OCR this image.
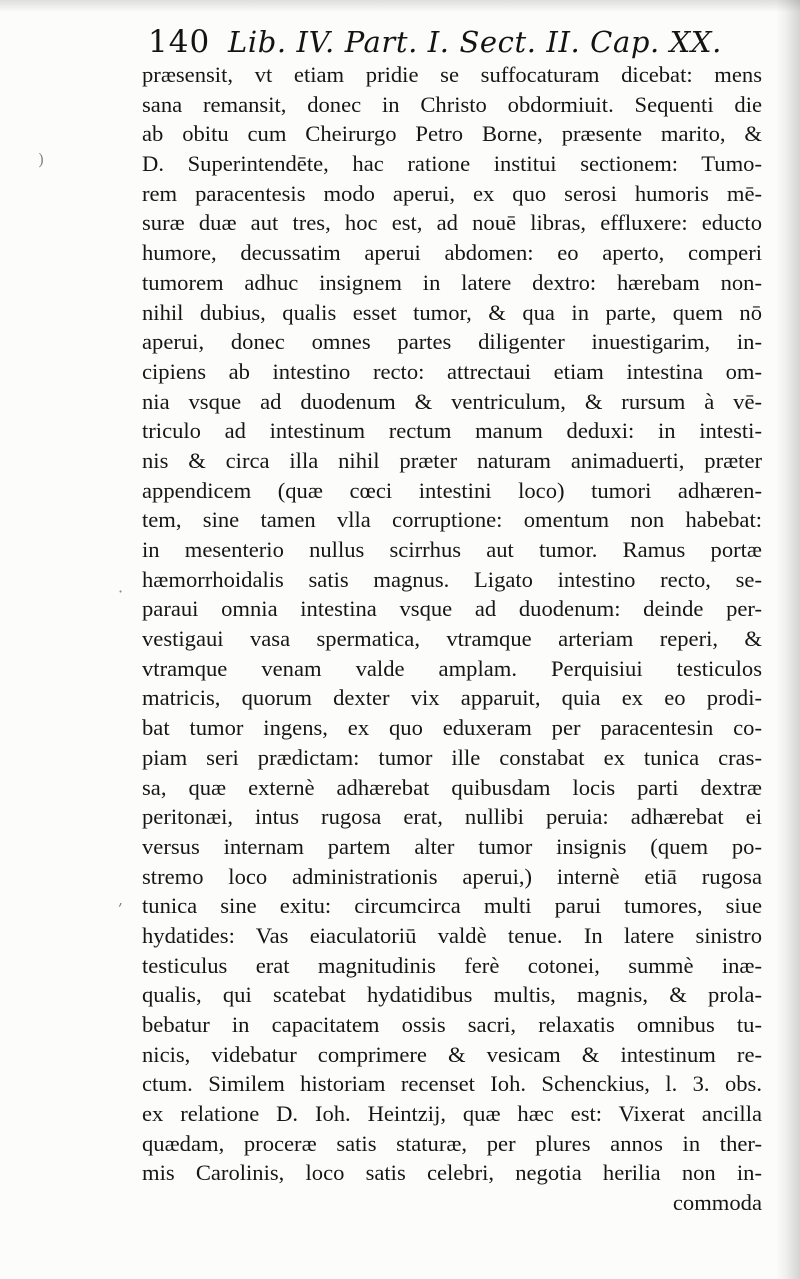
)
·
,
140 Lib. IV. Part. I. Sect. II. Cap. XX.
præsensit, vt etiam pridie se suffocaturam dicebat: mens
sana remansit, donec in Christo obdormiuit. Sequenti die
ab obitu cum Cheirurgo Petro Borne, præsente marito, &
D. Superintendēte, hac ratione institui sectionem: Tumo-
rem paracentesis modo aperui, ex quo serosi humoris mē-
suræ duæ aut tres, hoc est, ad nouē libras, effluxere: educto
humore, decussatim aperui abdomen: eo aperto, comperi
tumorem adhuc insignem in latere dextro: hærebam non-
nihil dubius, qualis esset tumor, & qua in parte, quem nō
aperui, donec omnes partes diligenter inuestigarim, in-
cipiens ab intestino recto: attrectaui etiam intestina om-
nia vsque ad duodenum & ventriculum, & rursum à vē-
triculo ad intestinum rectum manum deduxi: in intesti-
nis & circa illa nihil præter naturam animaduerti, præter
appendicem (quæ cœci intestini loco) tumori adhæren-
tem, sine tamen vlla corruptione: omentum non habebat:
in mesenterio nullus scirrhus aut tumor. Ramus portæ
hæmorrhoidalis satis magnus. Ligato intestino recto, se-
paraui omnia intestina vsque ad duodenum: deinde per-
vestigaui vasa spermatica, vtramque arteriam reperi, &
vtramque venam valde amplam. Perquisiui testiculos
matricis, quorum dexter vix apparuit, quia ex eo prodi-
bat tumor ingens, ex quo eduxeram per paracentesin co-
piam seri prædictam: tumor ille constabat ex tunica cras-
sa, quæ externè adhærebat quibusdam locis parti dextræ
peritonæi, intus rugosa erat, nullibi peruia: adhærebat ei
versus internam partem alter tumor insignis (quem po-
stremo loco administrationis aperui,) internè etiā rugosa
tunica sine exitu: circumcirca multi parui tumores, siue
hydatides: Vas eiaculatoriū valdè tenue. In latere sinistro
testiculus erat magnitudinis ferè cotonei, summè inæ-
qualis, qui scatebat hydatidibus multis, magnis, & prola-
bebatur in capacitatem ossis sacri, relaxatis omnibus tu-
nicis, videbatur comprimere & vesicam & intestinum re-
ctum. Similem historiam recenset Ioh. Schenckius, l. 3. obs.
ex relatione D. Ioh. Heintzij, quæ hæc est: Vixerat ancilla
quædam, proceræ satis staturæ, per plures annos in ther-
mis Carolinis, loco satis celebri, negotia herilia non in-
commoda
